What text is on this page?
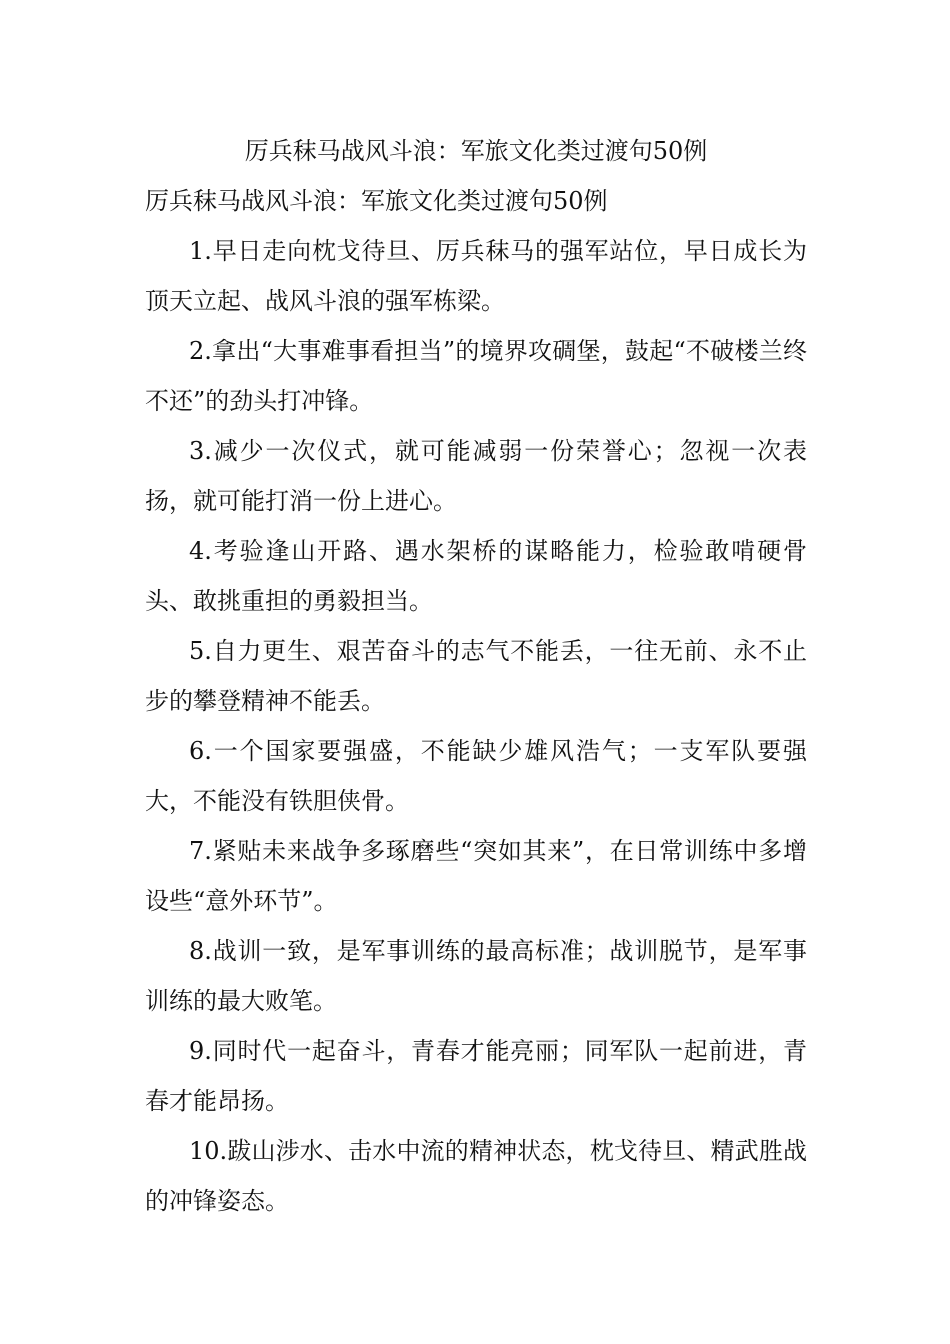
厉兵秣马战风斗浪：军旅文化类过渡句50例
厉兵秣马战风斗浪：军旅文化类过渡句50例

1.早日走向枕戈待旦、厉兵秣马的强军站位，早日成长为顶天立起、战风斗浪的强军栋梁。

2.拿出“大事难事看担当”的境界攻碉堡，鼓起“不破楼兰终不还”的劲头打冲锋。

3.减少一次仪式，就可能减弱一份荣誉心；忽视一次表扬，就可能打消一份上进心。

4.考验逢山开路、遇水架桥的谋略能力，检验敢啃硬骨头、敢挑重担的勇毅担当。

5.自力更生、艰苦奋斗的志气不能丢，一往无前、永不止步的攀登精神不能丢。

6.一个国家要强盛，不能缺少雄风浩气；一支军队要强大，不能没有铁胆侠骨。

7.紧贴未来战争多琢磨些“突如其来”，在日常训练中多增设些“意外环节”。

8.战训一致，是军事训练的最高标准；战训脱节，是军事训练的最大败笔。

9.同时代一起奋斗，青春才能亮丽；同军队一起前进，青春才能昂扬。

10.跋山涉水、击水中流的精神状态，枕戈待旦、精武胜战的冲锋姿态。
